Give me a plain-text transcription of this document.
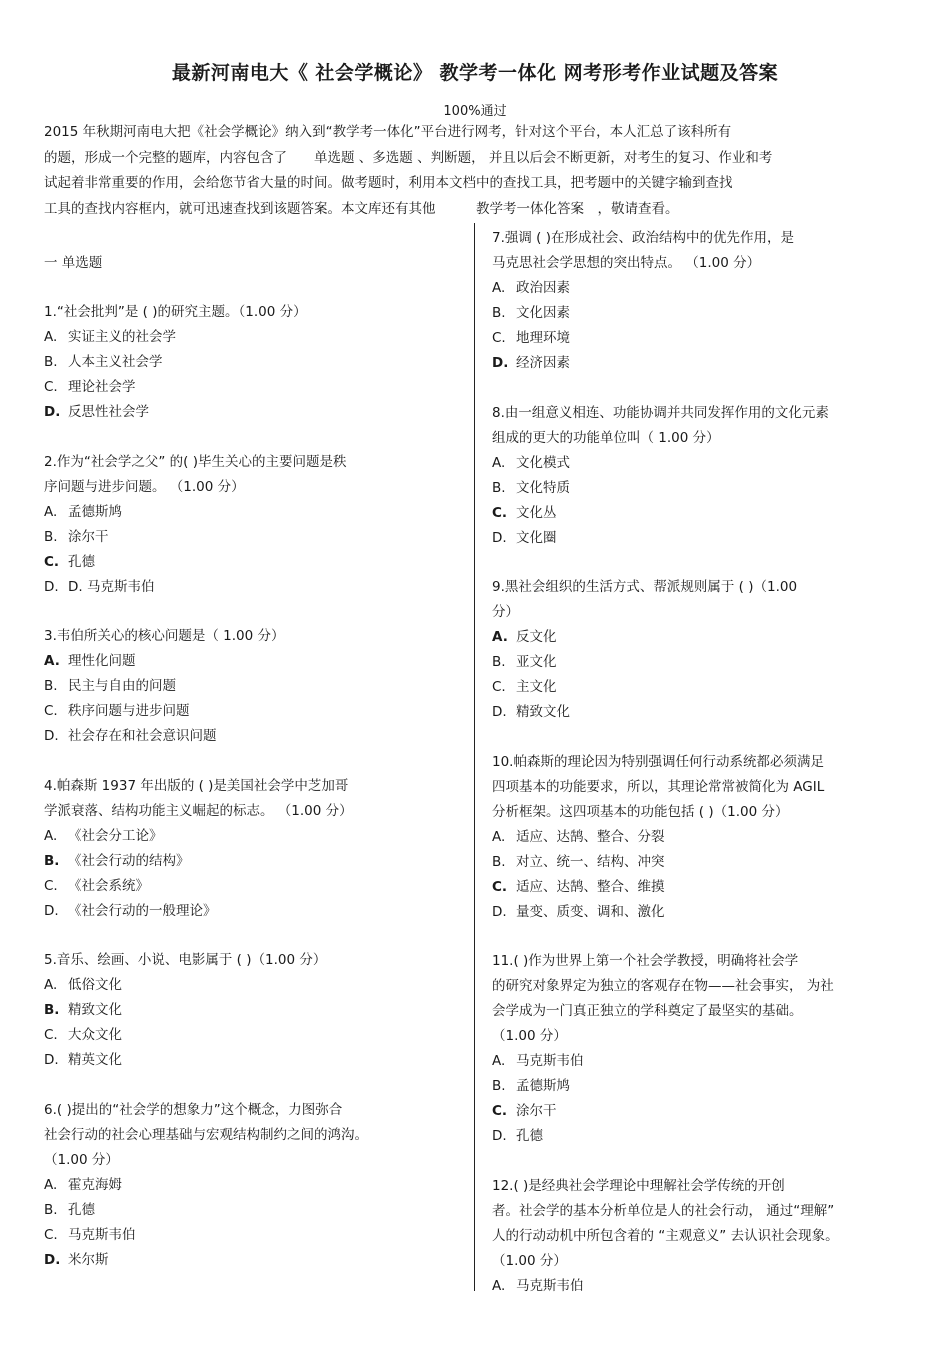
最新河南电大《 社会学概论》 教学考一体化 网考形考作业试题及答案
100%通过
2015 年秋期河南电大把《社会学概论》纳入到“教学考一体化”平台进行网考，针对这个平台，本人汇总了该科所有
的题，形成一个完整的题库，内容包含了　　单选题 、多选题 、判断题， 并且以后会不断更新，对考生的复习、作业和考
试起着非常重要的作用，会给您节省大量的时间。做考题时，利用本文档中的查找工具，把考题中的关键字输到查找
工具的查找内容框内，就可迅速查找到该题答案。本文库还有其他　　　教学考一体化答案　，敬请查看。
一 单选题
1.“社会批判”是 ( )的研究主题。（1.00 分）
A. 实证主义的社会学
B. 人本主义社会学
C. 理论社会学
D. 反思性社会学
2.作为“社会学之父” 的( )毕生关心的主要问题是秩
序问题与进步问题。 （1.00 分）
A. 孟德斯鸠
B. 涂尔干
C. 孔德
D. D. 马克斯韦伯
3.韦伯所关心的核心问题是（ 1.00 分）
A. 理性化问题
B. 民主与自由的问题
C. 秩序问题与进步问题
D. 社会存在和社会意识问题
4.帕森斯 1937 年出版的 ( )是美国社会学中芝加哥
学派衰落、结构功能主义崛起的标志。 （1.00 分）
A. 《社会分工论》
B. 《社会行动的结构》
C. 《社会系统》
D. 《社会行动的一般理论》
5.音乐、绘画、小说、电影属于 ( )（1.00 分）
A. 低俗文化
B. 精致文化
C. 大众文化
D. 精英文化
6.( )提出的“社会学的想象力”这个概念，力图弥合
社会行动的社会心理基础与宏观结构制约之间的鸿沟。
（1.00 分）
A. 霍克海姆
B. 孔德
C. 马克斯韦伯
D. 米尔斯
7.强调 ( )在形成社会、政治结构中的优先作用，是
马克思社会学思想的突出特点。 （1.00 分）
A. 政治因素
B. 文化因素
C. 地理环境
D. 经济因素
8.由一组意义相连、功能协调并共同发挥作用的文化元素
组成的更大的功能单位叫（ 1.00 分）
A. 文化模式
B. 文化特质
C. 文化丛
D. 文化圈
9.黑社会组织的生活方式、帮派规则属于 ( )（1.00
分）
A. 反文化
B. 亚文化
C. 主文化
D. 精致文化
10.帕森斯的理论因为特别强调任何行动系统都必须满足
四项基本的功能要求，所以，其理论常常被简化为 AGIL
分析框架。这四项基本的功能包括 ( )（1.00 分）
A. 适应、达鹄、整合、分裂
B. 对立、统一、结构、冲突
C. 适应、达鹄、整合、维摸
D. 量变、质变、调和、激化
11.( )作为世界上第一个社会学教授，明确将社会学
的研究对象界定为独立的客观存在物——社会事实， 为社
会学成为一门真正独立的学科奠定了最坚实的基础。
（1.00 分）
A. 马克斯韦伯
B. 孟德斯鸠
C. 涂尔干
D. 孔德
12.( )是经典社会学理论中理解社会学传统的开创
者。社会学的基本分析单位是人的社会行动， 通过“理解”
人的行动动机中所包含着的 “主观意义” 去认识社会现象。
（1.00 分）
A. 马克斯韦伯
